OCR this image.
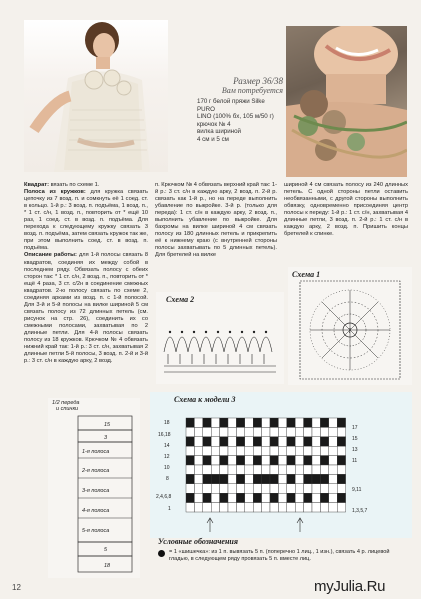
Размер 36/38
Вам потребуется
170 г белой пряжи Silke PURO
LINO (100% бx, 105 м/50 г)
крючок № 4
вилка шириной
4 см и 5 см

Квадрат: вязать по схеме 1.

Полоса из кружков: для кружка связать цепочку из 7 возд. п. и сомкнуть её 1 соед. ст. в кольцо. 1-й р.: 3 возд. п. подъёма, 1 возд. п., * 1 ст. с/н, 1 возд. п., повторить от * ещё 10 раз, 1 соед. ст. в возд. п. подъёма. Для перехода к следующему кружку связать 3 возд. п. подъёма, затем связать кружок так же, при этом выполнить соед. ст. в возд. п. подъёма.

Описание работы: для 1-й полосы связать 8 квадратов, соединяя их между собой в последнем ряду. Обвязать полосу с обеих сторон так: * 1 ст. с/н, 2 возд. п., повторить от * ещё 4 раза, 3 ст. с/2н в соединение смежных квадратов. 2-ю полосу связать по схеме 2, соединяя арками из возд. п. с 1-й полосой. Для 3-й и 5-й полосы на вилке шириной 5 см связать полосу из 72 длинных петель (см. рисунок на стр. 26), соединить их со смежными полосами, захватывая по 2 длинные петли. Для 4-й полосы связать полосу из 18 кружков. Крючком № 4 обвязать нижний край так: 1-й р.: 3 ст. с/н, захватывая 2 длинные петли 5-й полосы, 3 возд. п. 2-й и 3-й р.: 3 ст. с/н в каждую арку, 2 возд.

п. Крючком № 4 обвязать верхний край так: 1-й р.: 3 ст. с/н в каждую арку, 2 возд. п. 2-й р. связать как 1-й р., но на переде выполнить убавление по выкройке. 3-й р. (только для переда): 1 ст. с/н в каждую арку, 2 возд. п., выполнить убавление по выкройке. Для бахромы на вилке шириной 4 см связать полосу из 180 длинных петель и прикрепить её к нижнему краю (с внутренней стороны полосы захватывать по 5 длинных петель). Для бретелей на вилке

шириной 4 см связать полосу из 240 длинных петель. С одной стороны петли оставить необвязанными, с другой стороны выполнить обвязку, одновременно присоединяя центр полосы к переду: 1-й р.: 1 ст. с/н, захватывая 4 длинные петли, 3 возд. п. 2-й р.: 1 ст. с/н в каждую арку, 2 возд. п. Пришить концы бретелей к спинке.

Схема 2
Схема 1
7
1/2 переда
и спинки
15
3
1-я полоса
2-я полоса
3-я полоса
4-я полоса
5-я полоса
5
18
Схема к модели 3
18
16,18
14
12
10
8
2,4,6,8
1
17
15
13
11
9,11
1,3,5,7
Условные обозначения
= 1 «шишечка»: из 1 п. вывязать 5 п. (поперечно 1 лиц., 1 изн.), связать 4 р. лицевой гладью, в следующем ряду провязать 5 п. вместе лиц.
12	myJulia.Ru
